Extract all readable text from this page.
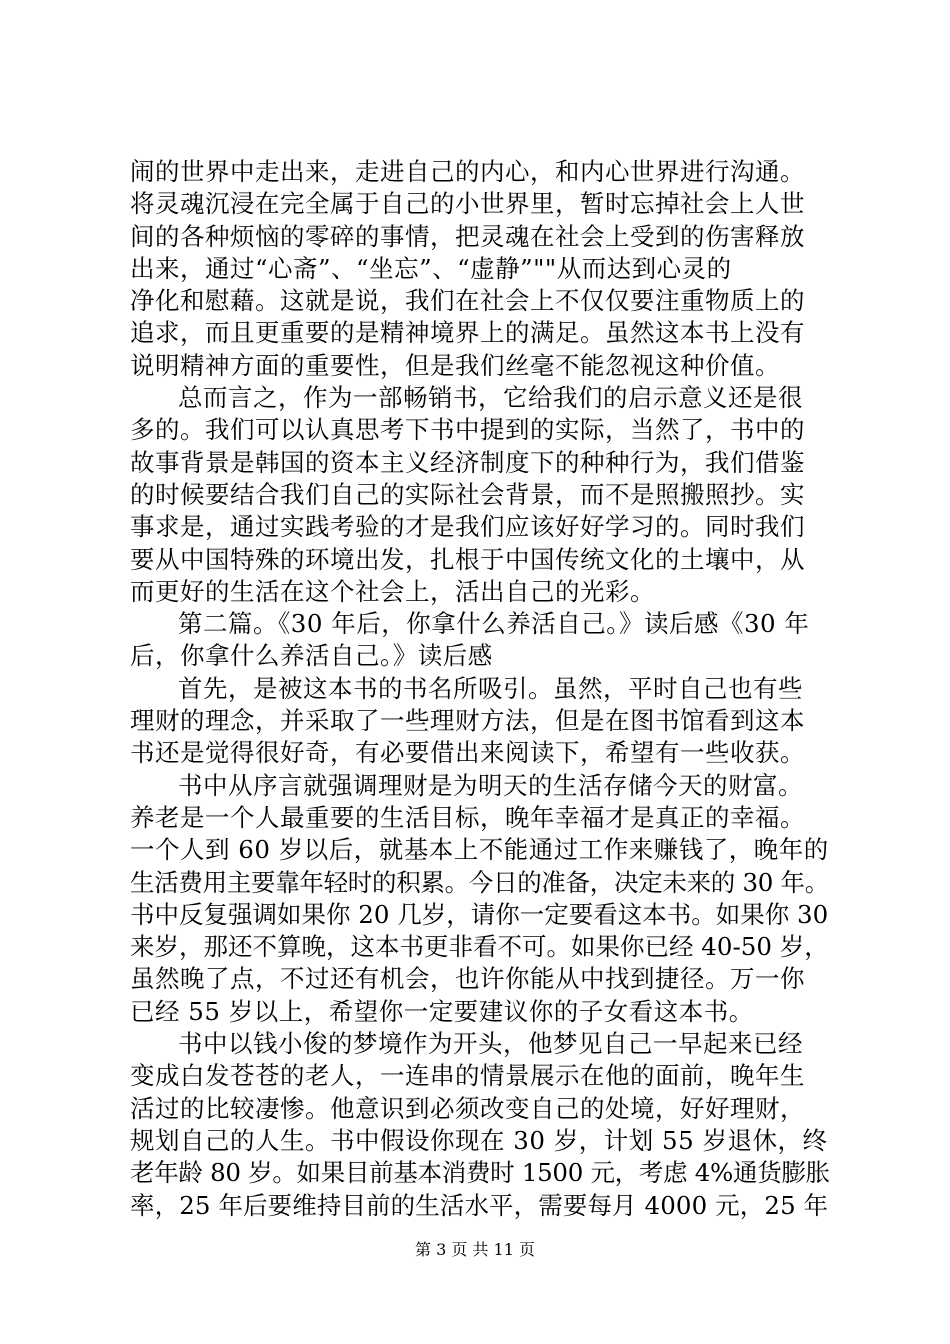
闹的世界中走出来，走进自己的内心，和内心世界进行沟通。
将灵魂沉浸在完全属于自己的小世界里，暂时忘掉社会上人世
间的各种烦恼的零碎的事情，把灵魂在社会上受到的伤害释放
出来，通过“心斋”、“坐忘”、“虚静”""从而达到心灵的
净化和慰藉。这就是说，我们在社会上不仅仅要注重物质上的
追求，而且更重要的是精神境界上的满足。虽然这本书上没有
说明精神方面的重要性，但是我们丝毫不能忽视这种价值。
总而言之，作为一部畅销书，它给我们的启示意义还是很
多的。我们可以认真思考下书中提到的实际，当然了，书中的
故事背景是韩国的资本主义经济制度下的种种行为，我们借鉴
的时候要结合我们自己的实际社会背景，而不是照搬照抄。实
事求是，通过实践考验的才是我们应该好好学习的。同时我们
要从中国特殊的环境出发，扎根于中国传统文化的土壤中，从
而更好的生活在这个社会上，活出自己的光彩。
第二篇。《30 年后，你拿什么养活自己。》读后感《30 年
后，你拿什么养活自己。》读后感
首先，是被这本书的书名所吸引。虽然，平时自己也有些
理财的理念，并采取了一些理财方法，但是在图书馆看到这本
书还是觉得很好奇，有必要借出来阅读下，希望有一些收获。
书中从序言就强调理财是为明天的生活存储今天的财富。
养老是一个人最重要的生活目标，晚年幸福才是真正的幸福。
一个人到 60 岁以后，就基本上不能通过工作来赚钱了，晚年的
生活费用主要靠年轻时的积累。今日的准备，决定未来的 30 年。
书中反复强调如果你 20 几岁，请你一定要看这本书。如果你 30
来岁，那还不算晚，这本书更非看不可。如果你已经 40-50 岁，
虽然晚了点，不过还有机会，也许你能从中找到捷径。万一你
已经 55 岁以上，希望你一定要建议你的子女看这本书。
书中以钱小俊的梦境作为开头，他梦见自己一早起来已经
变成白发苍苍的老人，一连串的情景展示在他的面前，晚年生
活过的比较凄惨。他意识到必须改变自己的处境，好好理财，
规划自己的人生。书中假设你现在 30 岁，计划 55 岁退休，终
老年龄 80 岁。如果目前基本消费时 1500 元，考虑 4%通货膨胀
率，25 年后要维持目前的生活水平，需要每月 4000 元，25 年
第 3 页 共 11 页
